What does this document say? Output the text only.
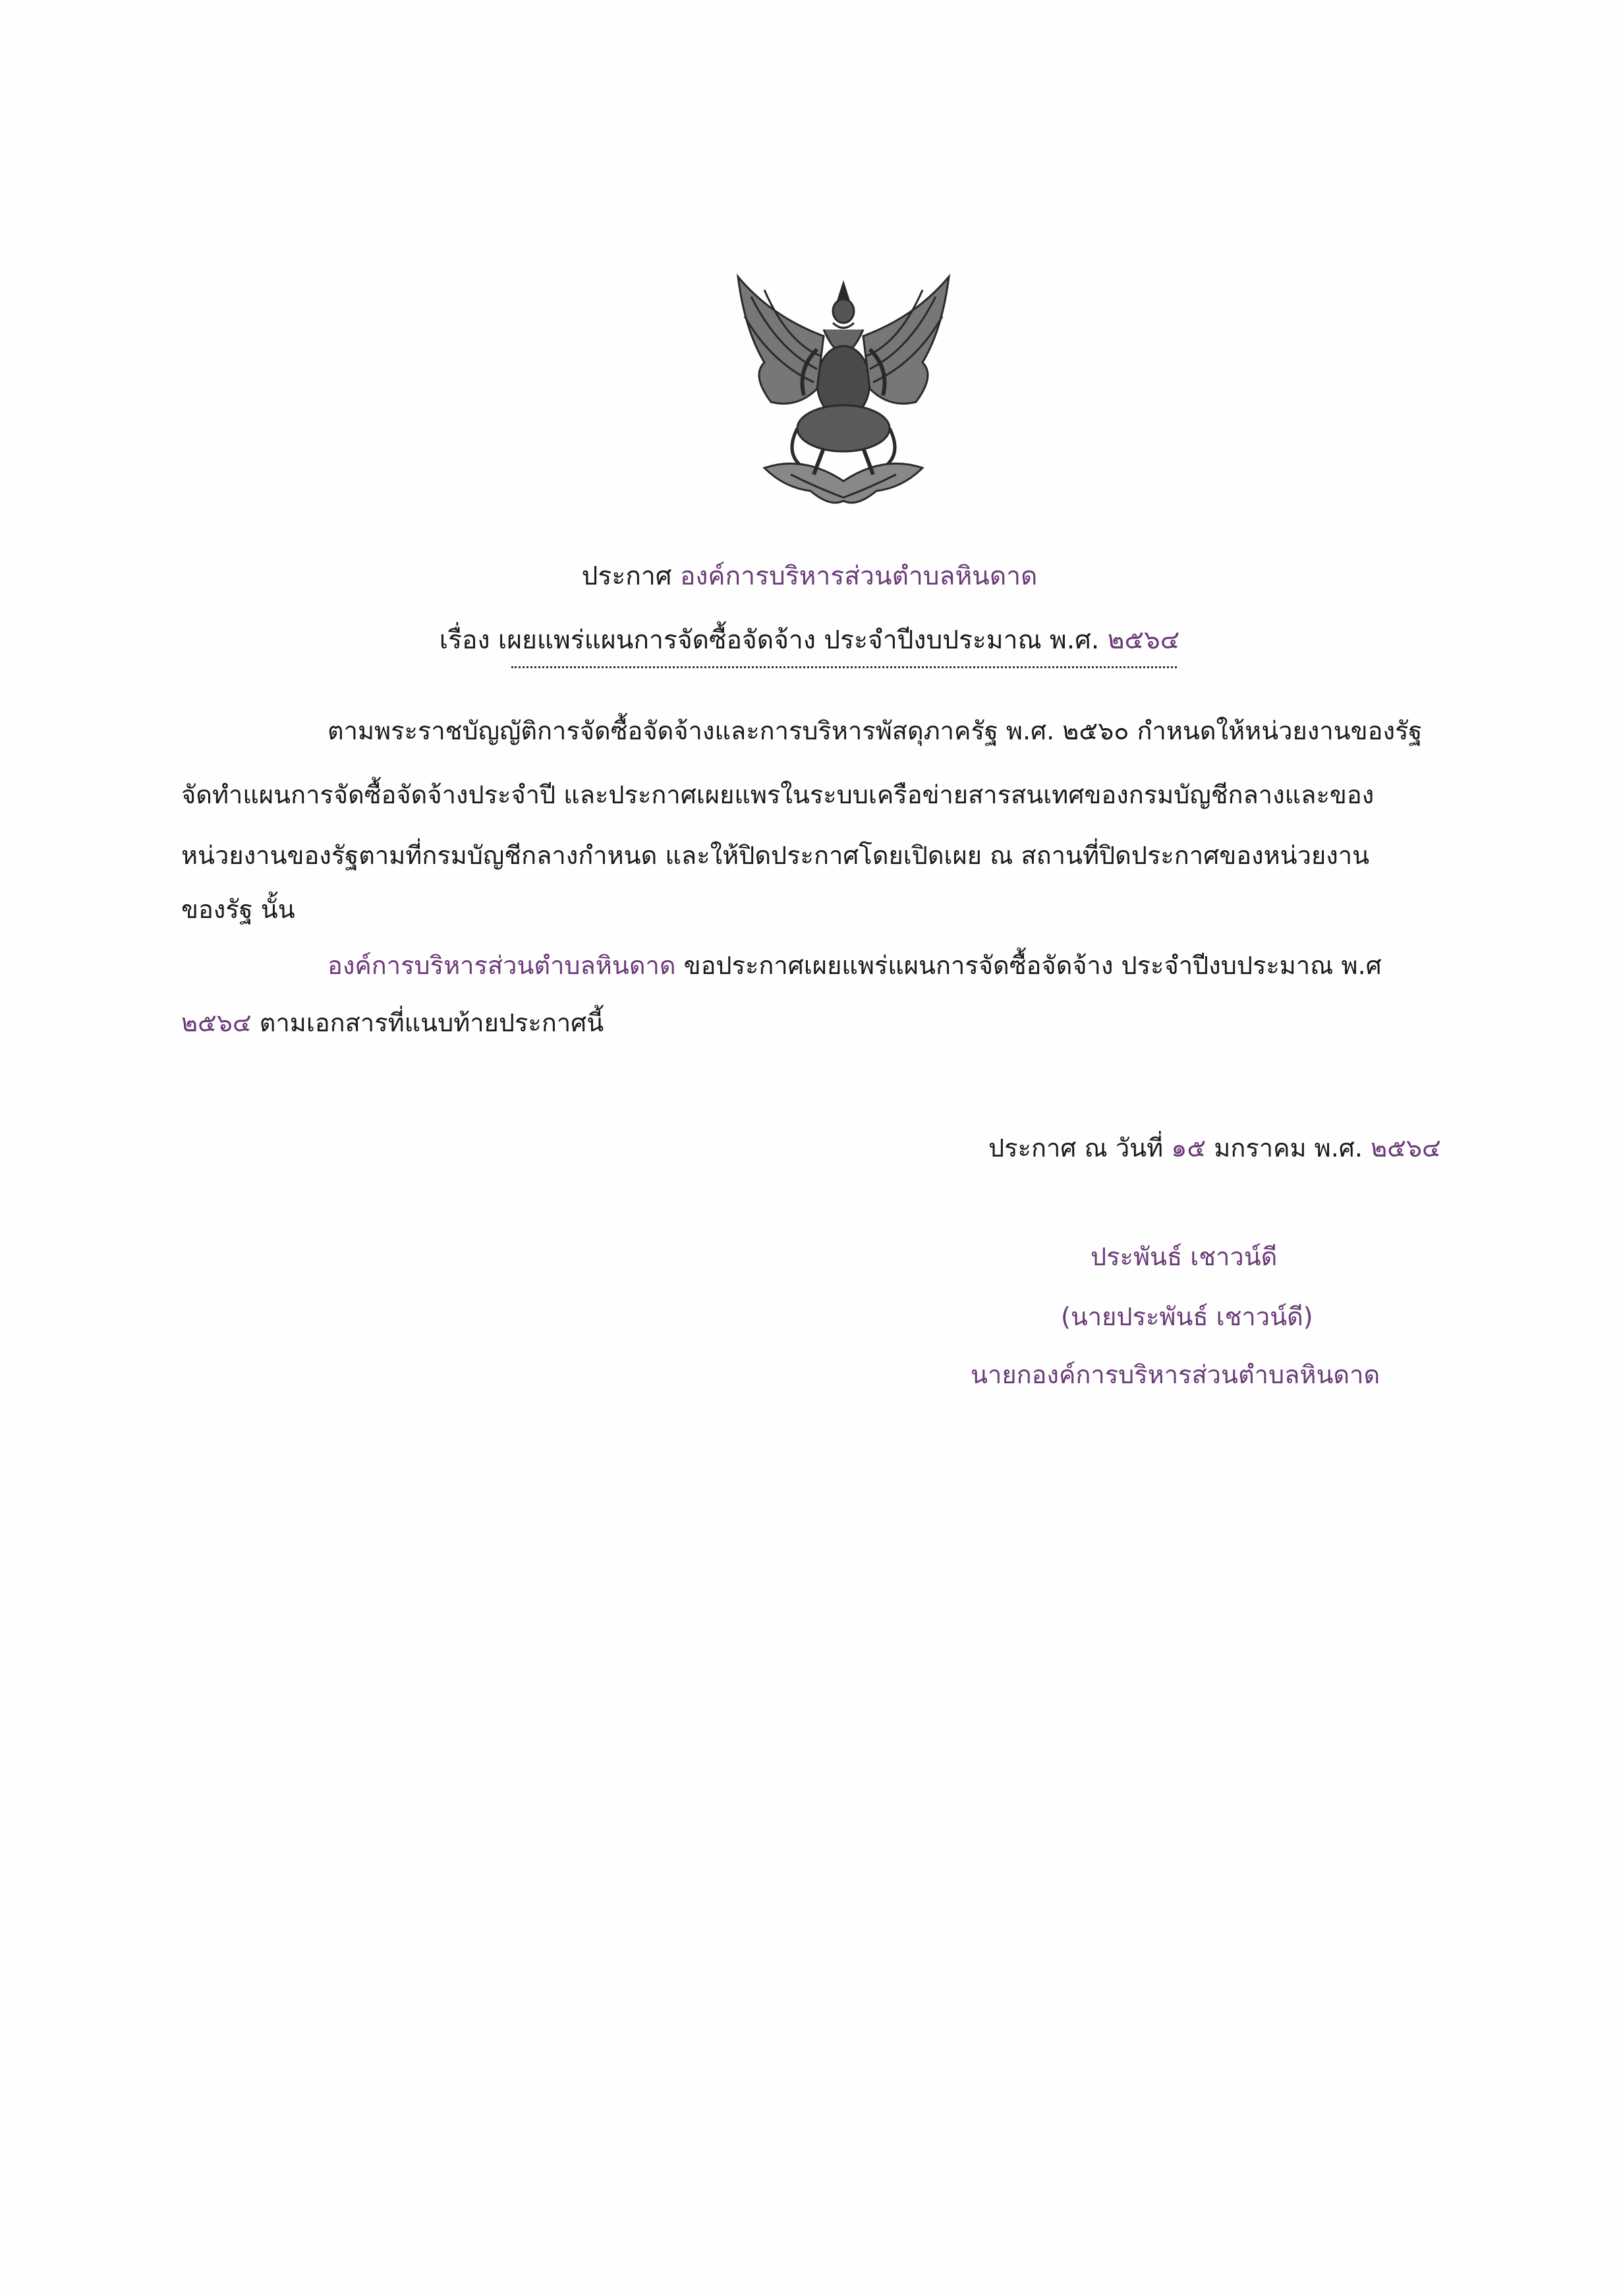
ประกาศ องค์การบริหารส่วนตำบลหินดาด
เรื่อง เผยแพร่แผนการจัดซื้อจัดจ้าง ประจำปีงบประมาณ พ.ศ. ๒๕๖๔
ตามพระราชบัญญัติการจัดซื้อจัดจ้างและการบริหารพัสดุภาครัฐ พ.ศ. ๒๕๖๐ กำหนดให้หน่วยงานของรัฐ
จัดทำแผนการจัดซื้อจัดจ้างประจำปี และประกาศเผยแพรในระบบเครือข่ายสารสนเทศของกรมบัญชีกลางและของ
หน่วยงานของรัฐตามที่กรมบัญชีกลางกำหนด และให้ปิดประกาศโดยเปิดเผย ณ สถานที่ปิดประกาศของหน่วยงาน
ของรัฐ นั้น
องค์การบริหารส่วนตำบลหินดาด ขอประกาศเผยแพร่แผนการจัดซื้อจัดจ้าง ประจำปีงบประมาณ พ.ศ
๒๕๖๔ ตามเอกสารที่แนบท้ายประกาศนี้
ประกาศ ณ วันที่ ๑๕ มกราคม พ.ศ. ๒๕๖๔
ประพันธ์ เชาวน์ดี
(นายประพันธ์ เชาวน์ดี)
นายกองค์การบริหารส่วนตำบลหินดาด
